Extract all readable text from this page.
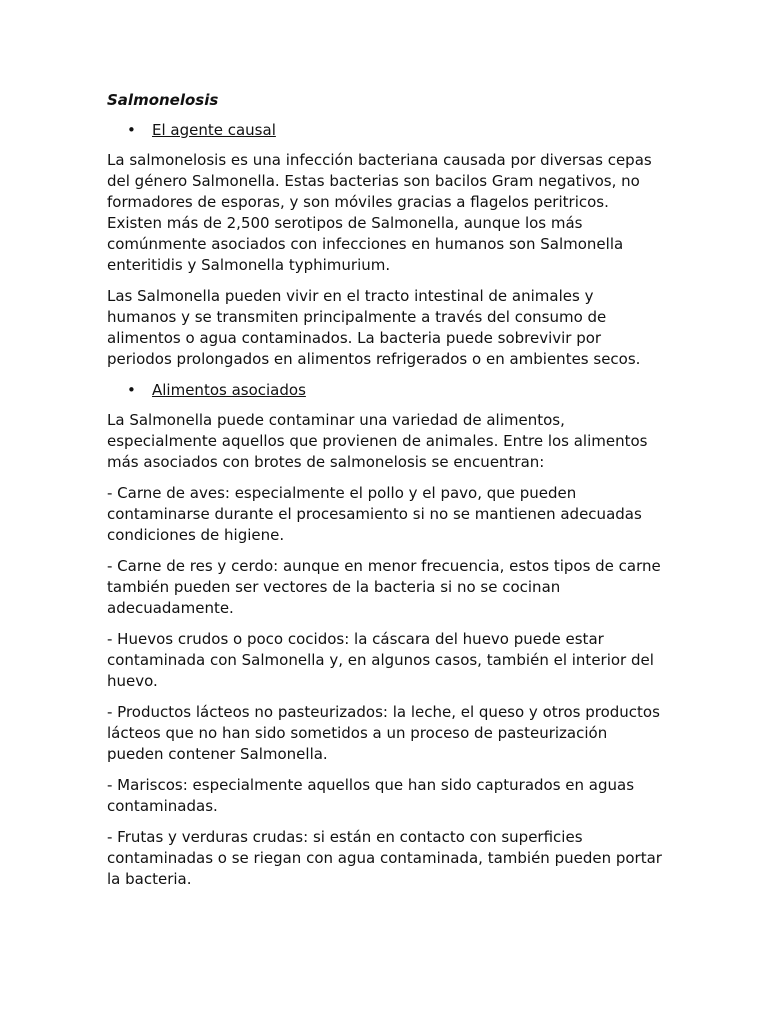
Salmonelosis
• El agente causal

La salmonelosis es una infección bacteriana causada por diversas cepas del género Salmonella. Estas bacterias son bacilos Gram negativos, no formadores de esporas, y son móviles gracias a flagelos peritricos. Existen más de 2,500 serotipos de Salmonella, aunque los más comúnmente asociados con infecciones en humanos son Salmonella enteritidis y Salmonella typhimurium.

Las Salmonella pueden vivir en el tracto intestinal de animales y humanos y se transmiten principalmente a través del consumo de alimentos o agua contaminados. La bacteria puede sobrevivir por periodos prolongados en alimentos refrigerados o en ambientes secos.

• Alimentos asociados

La Salmonella puede contaminar una variedad de alimentos, especialmente aquellos que provienen de animales. Entre los alimentos más asociados con brotes de salmonelosis se encuentran:

- Carne de aves: especialmente el pollo y el pavo, que pueden contaminarse durante el procesamiento si no se mantienen adecuadas condiciones de higiene.

- Carne de res y cerdo: aunque en menor frecuencia, estos tipos de carne también pueden ser vectores de la bacteria si no se cocinan adecuadamente.

- Huevos crudos o poco cocidos: la cáscara del huevo puede estar contaminada con Salmonella y, en algunos casos, también el interior del huevo.

- Productos lácteos no pasteurizados: la leche, el queso y otros productos lácteos que no han sido sometidos a un proceso de pasteurización pueden contener Salmonella.

- Mariscos: especialmente aquellos que han sido capturados en aguas contaminadas.

- Frutas y verduras crudas: si están en contacto con superficies contaminadas o se riegan con agua contaminada, también pueden portar la bacteria.
